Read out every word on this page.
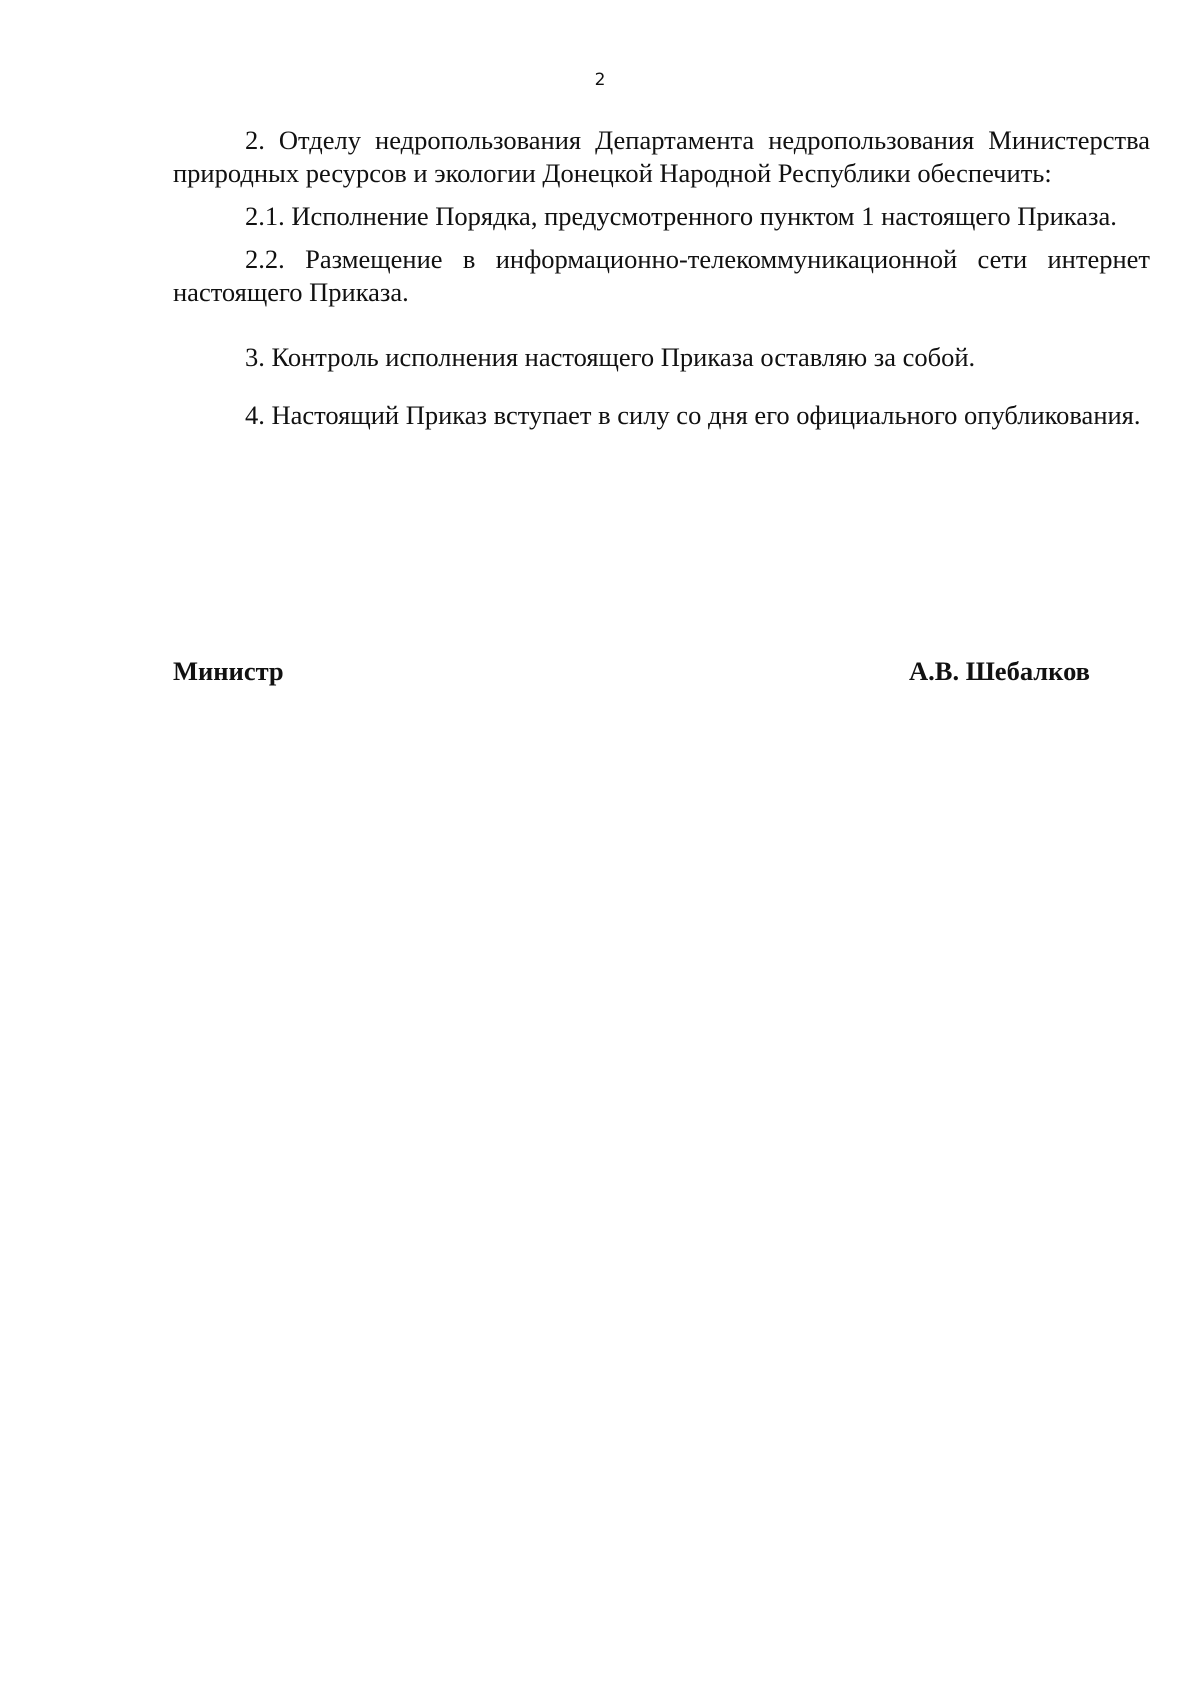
2

2. Отделу недропользования Департамента недропользования Министерства природных ресурсов и экологии Донецкой Народной Республики обеспечить:

2.1. Исполнение Порядка, предусмотренного пунктом 1 настоящего Приказа.

2.2. Размещение в информационно-телекоммуникационной сети интернет настоящего Приказа.

3. Контроль исполнения настоящего Приказа оставляю за собой.

4. Настоящий Приказ вступает в силу со дня его официального опубликования.

Министр	А.В. Шебалков
